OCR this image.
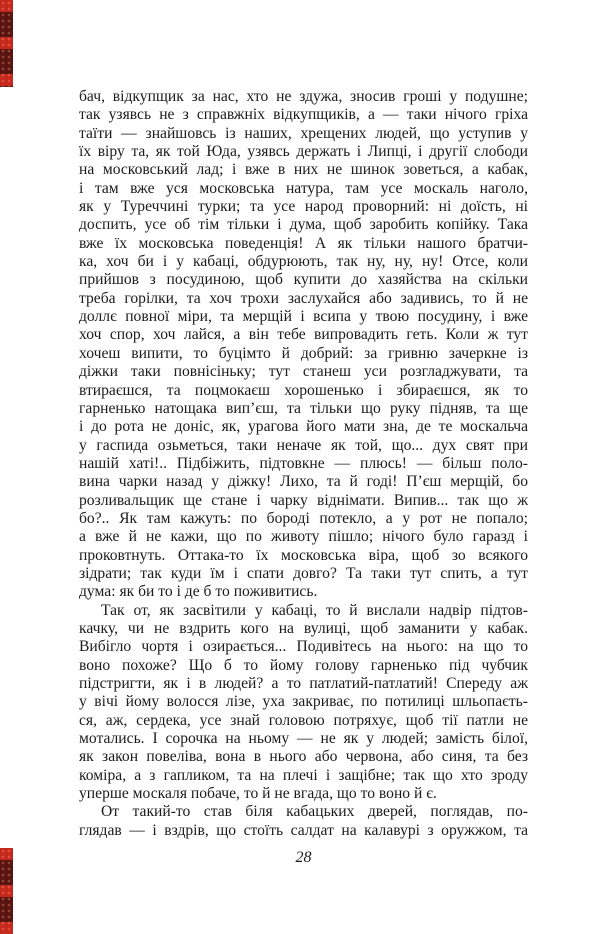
бач, відкупщик за нас, хто не здужа, зносив гроші у подушне;

так узявсь не з справжніх відкупщиків, а — таки нічого гріха

таїти — знайшовсь із наших, хрещених людей, що уступив у

їх віру та, як той Юда, узявсь держать і Липці, і другії слободи

на московський лад; і вже в них не шинок зоветься, а кабак,

і там вже уся московська натура, там усе москаль наголо,

як у Туреччині турки; та усе народ проворний: ні доїсть, ні

доспить, усе об тім тільки і дума, щоб заробить копійку. Така

вже їх московська поведенція! А як тільки нашого братчи-

ка, хоч би і у кабаці, обдурюють, так ну, ну, ну! Отсе, коли

прийшов з посудиною, щоб купити до хазяйства на скільки

треба горілки, та хоч трохи заслухайся або задивись, то й не

доллє повної міри, та мерщій і всипа у твою посудину, і вже

хоч спор, хоч лайся, а він тебе випровадить геть. Коли ж тут

хочеш випити, то буцімто й добрий: за гривню зачеркне із

діжки таки повнісіньку; тут станеш уси розгладжувати, та

втираєшся, та поцмокаєш хорошенько і збираєшся, як то

гарненько натощака вип’єш, та тільки що руку підняв, та ще

і до рота не доніс, як, урагова його мати зна, де те москальча

у гаспида озьметься, таки неначе як той, що... дух свят при

нашій хаті!.. Підбіжить, підтовкне — плюсь! — більш поло-

вина чарки назад у діжку! Лихо, та й годі! П’єш мерщій, бо

розливальщик ще стане і чарку віднімати. Випив... так що ж

бо?.. Як там кажуть: по бороді потекло, а у рот не попало;

а вже й не кажи, що по животу пішло; нічого було гаразд і

проковтнуть. Оттака-то їх московська віра, щоб зо всякого

зідрати; так куди їм і спати довго? Та таки тут спить, а тут

дума: як би то і де б то поживитись.

Так от, як засвітили у кабаці, то й вислали надвір підтов-

качку, чи не вздрить кого на вулиці, щоб заманити у кабак.

Вибігло чортя і озирається... Подивітесь на нього: на що то

воно похоже? Що б то йому голову гарненько під чубчик

підстригти, як і в людей? а то патлатий-патлатий! Спереду аж

у вічі йому волосся лізе, уха закриває, по потилиці шльопаєть-

ся, аж, сердека, усе знай головою потряхує, щоб тії патли не

мотались. І сорочка на ньому — не як у людей; замість білої,

як закон повеліва, вона в нього або червона, або синя, та без

коміра, а з гапликом, та на плечі і защібне; так що хто зроду

уперше москаля побаче, то й не вгада, що то воно й є.

От такий-то став біля кабацьких дверей, поглядав, по-

глядав — і вздрів, що стоїть салдат на калавурі з оружжом, та

28
